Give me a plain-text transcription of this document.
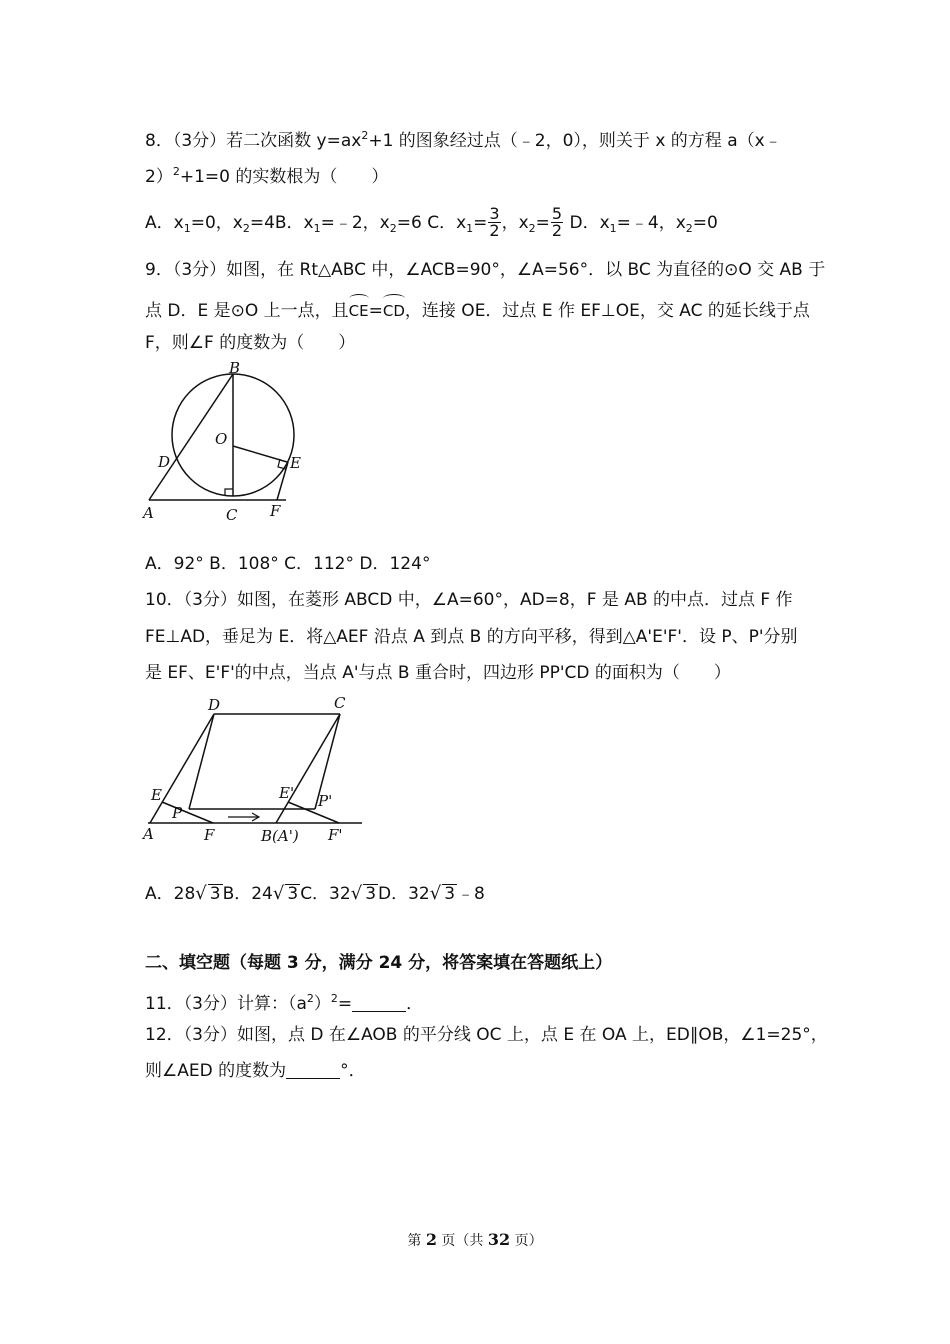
8．（3分）若二次函数 $y=ax^2+1$ 的图象经过点（﹣2，0），则关于 x 的方程 a（x﹣
2）$^2$+1=0 的实数根为（　　）
A．$x_1=0$，$x_2=4B$．$x_1=﹣2$，$x_2=6$ C．$x_1= \frac{3}{2}$ ，$x_2= \frac{5}{2}$ D．$x_1=﹣4$，$x_2=0$
9．（3分）如图，在 Rt△ABC 中，∠ACB=90°，∠A=56°．以 BC 为直径的⊙O 交 AB 于
点 D．E 是⊙O 上一点，且CE=CD，连接 OE．过点 E 作 EF⊥OE，交 AC 的延长线于点
F，则∠F 的度数为（　　）
B
O
D	E
A	C F
A．92° B．108° C．112° D．124°
10．（3分）如图，在菱形 ABCD 中，∠A=60°，AD=8，F 是 AB 的中点．过点 F 作
FE⊥AD，垂足为 E．将△AEF 沿点 A 到点 B 的方向平移，得到△A'E'F'．设 P、P'分别
是 EF、E'F'的中点，当点 A'与点 B 重合时，四边形 PP'CD 的面积为（　　）
D	C
E	E'
P
P'
A	F	B(A') F'
A．28√ 3 B．24√ 3 C．32√ 3 D．32√ 3 ﹣8
二、填空题（每题 3 分，满分 24 分，将答案填在答题纸上）
11．（3分）计算：$(a^2)^2=$	．
12．（3分）如图，点 D 在∠AOB 的平分线 OC 上，点 E 在 OA 上，ED∥OB，∠1=25°，
则∠AED 的度数为	°．
第 2 页（共 32 页）
